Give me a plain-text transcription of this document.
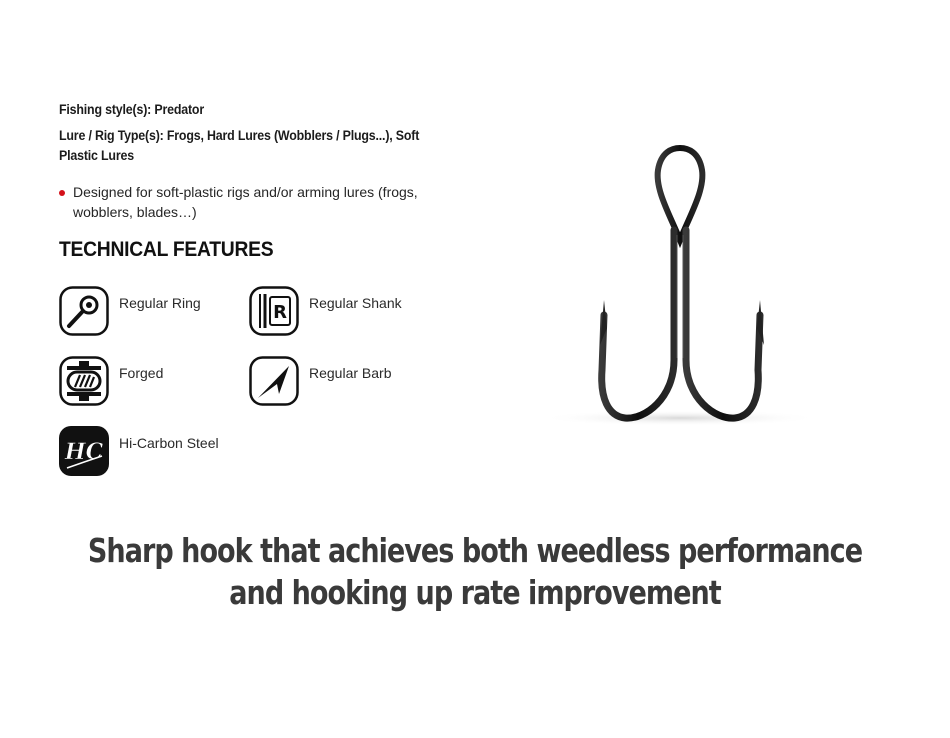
Fishing style(s): Predator
Lure / Rig Type(s): Frogs, Hard Lures (Wobblers / Plugs...), Soft Plastic Lures
Designed for soft-plastic rigs and/or arming lures (frogs, wobblers, blades…)
TECHNICAL FEATURES
Regular Ring	R Regular Shank
Forged	Regular Barb
HC Hi-Carbon Steel
Sharp hook that achieves both weedless performance
and hooking up rate improvement
